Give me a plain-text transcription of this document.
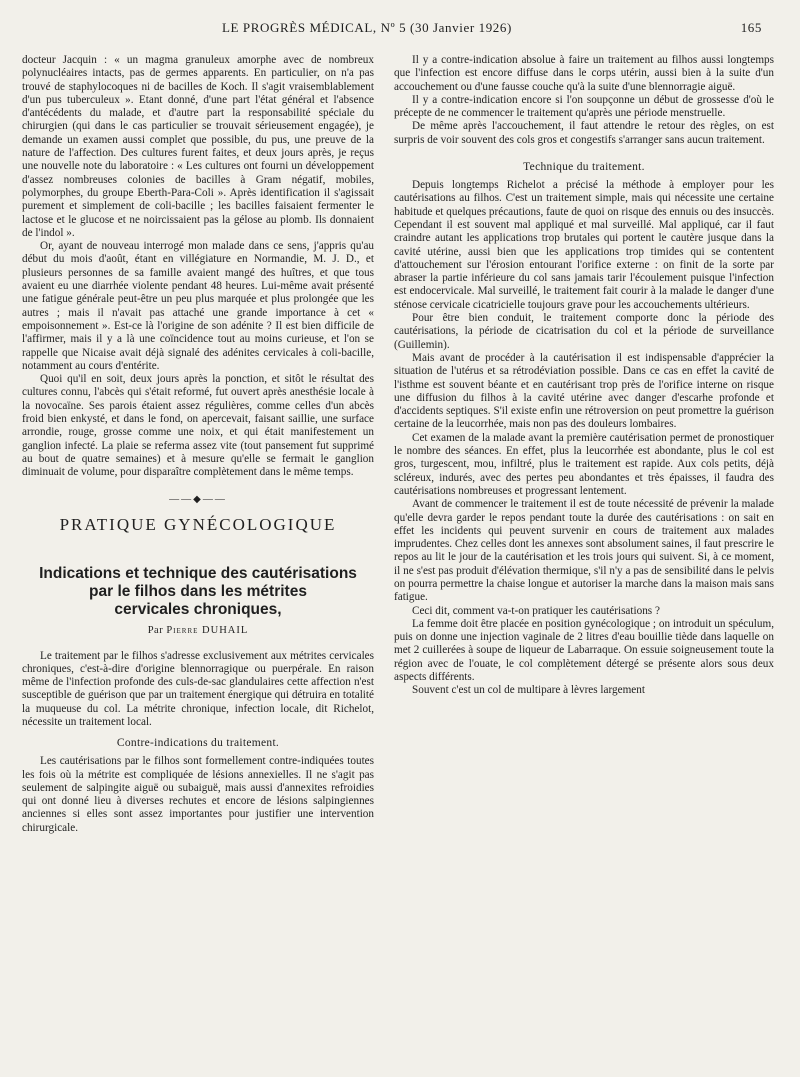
LE PROGRÈS MÉDICAL, Nº 5 (30 Janvier 1926)	165

docteur Jacquin : « un magma granuleux amorphe avec de nombreux polynucléaires intacts, pas de germes apparents. En particulier, on n'a pas trouvé de staphylocoques ni de bacilles de Koch. Il s'agit vraisemblablement d'un pus tuberculeux ». Etant donné, d'une part l'état général et l'absence d'antécédents du malade, et d'autre part la responsabilité spéciale du chirurgien (qui dans le cas particulier se trouvait sérieusement engagée), je demande un examen aussi complet que possible, du pus, une preuve de la nature de l'affection. Des cultures furent faites, et deux jours après, je reçus une nouvelle note du laboratoire : « Les cultures ont fourni un développement d'assez nombreuses colonies de bacilles à Gram négatif, mobiles, polymorphes, du groupe Eberth-Para-Coli ». Après identification il s'agissait purement et simplement de coli-bacille ; les bacilles faisaient fermenter le lactose et le glucose et ne noircissaient pas la gélose au plomb. Ils donnaient de l'indol ».

Or, ayant de nouveau interrogé mon malade dans ce sens, j'appris qu'au début du mois d'août, étant en villégiature en Normandie, M. J. D., et plusieurs personnes de sa famille avaient mangé des huîtres, et que tous avaient eu une diarrhée violente pendant 48 heures. Lui-même avait présenté une fatigue générale peut-être un peu plus marquée et plus prolongée que les autres ; mais il n'avait pas attaché une grande importance à cet « empoisonnement ». Est-ce là l'origine de son adénite ? Il est bien difficile de l'affirmer, mais il y a là une coïncidence tout au moins curieuse, et l'on se rappelle que Nicaise avait déjà signalé des adénites cervicales à coli-bacille, notamment au cours d'entérite.

Quoi qu'il en soit, deux jours après la ponction, et sitôt le résultat des cultures connu, l'abcès qui s'était reformé, fut ouvert après anesthésie locale à la novocaïne. Ses parois étaient assez régulières, comme celles d'un abcès froid bien enkysté, et dans le fond, on apercevait, faisant saillie, une surface arrondie, rouge, grosse comme une noix, et qui était manifestement un ganglion infecté. La plaie se referma assez vite (tout pansement fut supprimé au bout de quatre semaines) et à mesure qu'elle se fermait le ganglion diminuait de volume, pour disparaître complètement dans le même temps.

——◆——
PRATIQUE GYNÉCOLOGIQUE
Indications et technique des cautérisations
par le filhos dans les métrites
cervicales chroniques,
Par Pierre DUHAIL

Le traitement par le filhos s'adresse exclusivement aux métrites cervicales chroniques, c'est-à-dire d'origine blennorragique ou puerpérale. En raison même de l'infection profonde des culs-de-sac glandulaires cette affection n'est susceptible de guérison que par un traitement énergique qui détruira en totalité la muqueuse du col. La métrite chronique, infection locale, dit Richelot, nécessite un traitement local.

Contre-indications du traitement.

Les cautérisations par le filhos sont formellement contre-indiquées toutes les fois où la métrite est compliquée de lésions annexielles. Il ne s'agit pas seulement de salpingite aiguë ou subaiguë, mais aussi d'annexites refroidies qui ont donné lieu à diverses rechutes et encore de lésions salpingiennes anciennes si elles sont assez importantes pour justifier une intervention chirurgicale.

Il y a contre-indication absolue à faire un traitement au filhos aussi longtemps que l'infection est encore diffuse dans le corps utérin, aussi bien à la suite d'un accouchement ou d'une fausse couche qu'à la suite d'une blennorragie aiguë.

Il y a contre-indication encore si l'on soupçonne un début de grossesse d'où le précepte de ne commencer le traitement qu'après une période menstruelle.

De même après l'accouchement, il faut attendre le retour des règles, on est surpris de voir souvent des cols gros et congestifs s'arranger sans aucun traitement.

Technique du traitement.

Depuis longtemps Richelot a précisé la méthode à employer pour les cautérisations au filhos. C'est un traitement simple, mais qui nécessite une certaine habitude et quelques précautions, faute de quoi on risque des ennuis ou des insuccès. Cependant il est souvent mal appliqué et mal surveillé. Mal appliqué, car il faut craindre autant les applications trop brutales qui portent le cautère jusque dans la cavité utérine, aussi bien que les applications trop timides qui se contentent d'attouchement sur l'érosion entourant l'orifice externe : on finit de la sorte par abraser la partie inférieure du col sans jamais tarir l'écoulement puisque l'infection est endocervicale. Mal surveillé, le traitement fait courir à la malade le danger d'une sténose cervicale cicatricielle toujours grave pour les accouchements ultérieurs.

Pour être bien conduit, le traitement comporte donc la période des cautérisations, la période de cicatrisation du col et la période de surveillance (Guillemin).

Mais avant de procéder à la cautérisation il est indispensable d'apprécier la situation de l'utérus et sa rétrodéviation possible. Dans ce cas en effet la cavité de l'isthme est souvent béante et en cautérisant trop près de l'orifice interne on risque une diffusion du filhos à la cavité utérine avec danger d'escarhe profonde et d'accidents septiques. S'il existe enfin une rétroversion on peut promettre la guérison certaine de la leucorrhée, mais non pas des douleurs lombaires.

Cet examen de la malade avant la première cautérisation permet de pronostiquer le nombre des séances. En effet, plus la leucorrhée est abondante, plus le col est gros, turgescent, mou, infiltré, plus le traitement est rapide. Aux cols petits, déjà scléreux, indurés, avec des pertes peu abondantes et très épaisses, il faudra des cautérisations nombreuses et progressant lentement.

Avant de commencer le traitement il est de toute nécessité de prévenir la malade qu'elle devra garder le repos pendant toute la durée des cautérisations : on sait en effet les incidents qui peuvent survenir en cours de traitement aux malades imprudentes. Chez celles dont les annexes sont absolument saines, il faut prescrire le repos au lit le jour de la cautérisation et les trois jours qui suivent. Si, à ce moment, il ne s'est pas produit d'élévation thermique, s'il n'y a pas de sensibilité dans le pelvis on pourra permettre la chaise longue et autoriser la marche dans la maison mais sans fatigue.

Ceci dit, comment va-t-on pratiquer les cautérisations ?

La femme doit être placée en position gynécologique ; on introduit un spéculum, puis on donne une injection vaginale de 2 litres d'eau bouillie tiède dans laquelle on met 2 cuillerées à soupe de liqueur de Labarraque. On essuie soigneusement toute la région avec de l'ouate, le col complètement détergé se présente alors sous deux aspects différents.

Souvent c'est un col de multipare à lèvres largement
